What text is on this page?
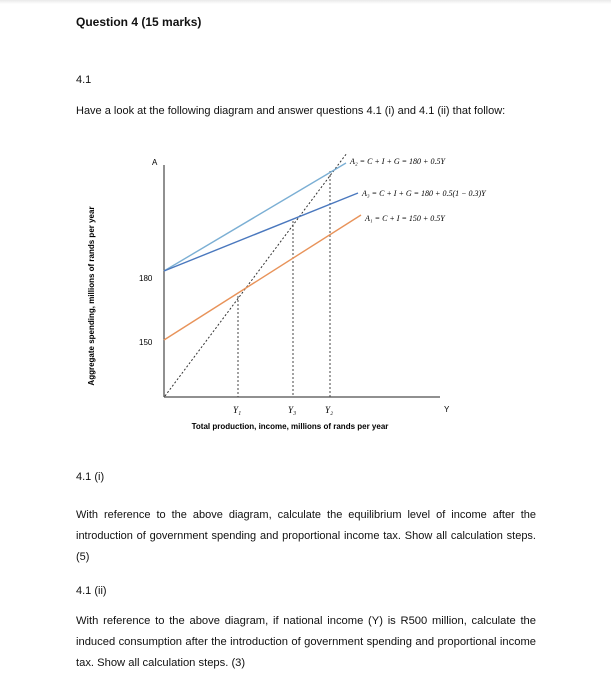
Question 4 (15 marks)
4.1
Have a look at the following diagram and answer questions 4.1 (i) and 4.1 (ii) that follow:
A
Y
180
150
Y₁	Y₃	Y₂
A₂ = C + I + G = 180 + 0.5Y
A₃ = C + I + G = 180 + 0.5(1 − 0.3)Y
A₁ = C + I = 150 + 0.5Y
Aggregate spending, millions of rands per year
Total production, income, millions of rands per year
4.1 (i)
With reference to the above diagram, calculate the equilibrium level of income after the introduction of government spending and proportional income tax. Show all calculation steps. (5)
4.1 (ii)
With reference to the above diagram, if national income (Y) is R500 million, calculate the induced consumption after the introduction of government spending and proportional income tax. Show all calculation steps. (3)
